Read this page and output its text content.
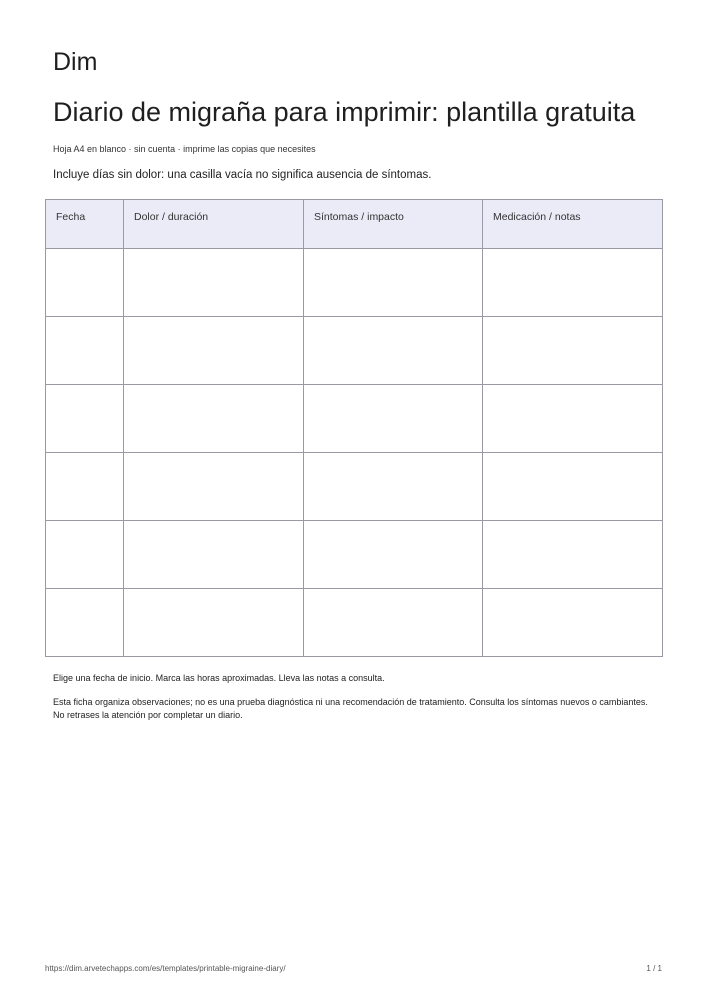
Dim
Diario de migraña para imprimir: plantilla gratuita
Hoja A4 en blanco · sin cuenta · imprime las copias que necesites
Incluye días sin dolor: una casilla vacía no significa ausencia de síntomas.
Fecha	Dolor / duración	Síntomas / impacto	Medicación / notas

Elige una fecha de inicio. Marca las horas aproximadas. Lleva las notas a consulta.

Esta ficha organiza observaciones; no es una prueba diagnóstica ni una recomendación de tratamiento. Consulta los síntomas nuevos o cambiantes. No retrases la atención por completar un diario.

https://dim.arvetechapps.com/es/templates/printable-migraine-diary/	1 / 1
